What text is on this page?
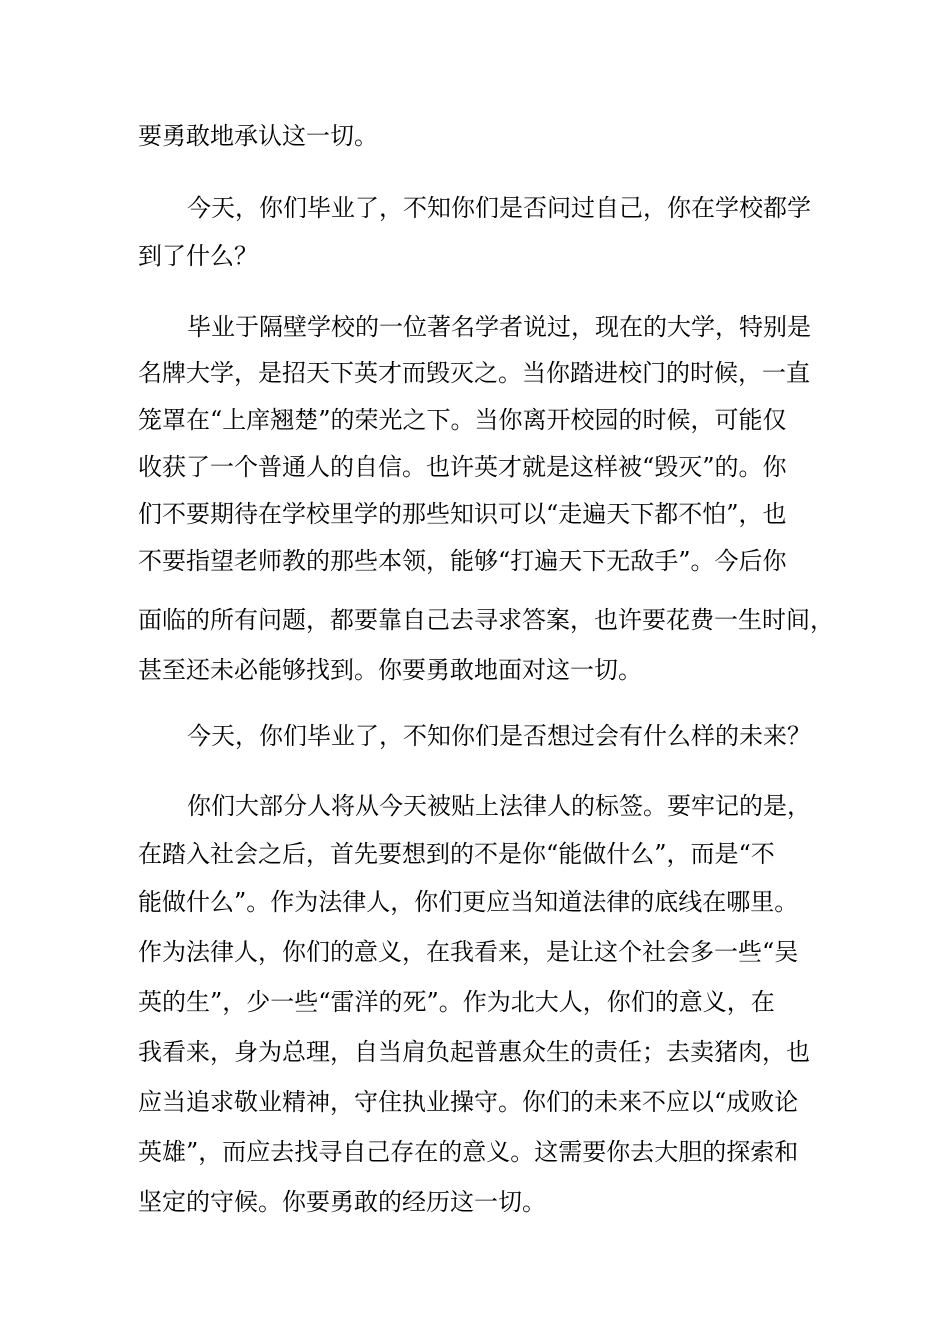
要勇敢地承认这一切。
今天，你们毕业了，不知你们是否问过自己，你在学校都学
到了什么？
毕业于隔壁学校的一位著名学者说过，现在的大学，特别是
名牌大学，是招天下英才而毁灭之。当你踏进校门的时候，一直
笼罩在“上庠翘楚”的荣光之下。当你离开校园的时候，可能仅
收获了一个普通人的自信。也许英才就是这样被“毁灭”的。你
们不要期待在学校里学的那些知识可以“走遍天下都不怕”，也
不要指望老师教的那些本领，能够“打遍天下无敌手”。今后你
面临的所有问题，都要靠自己去寻求答案，也许要花费一生时间，
甚至还未必能够找到。你要勇敢地面对这一切。
今天，你们毕业了，不知你们是否想过会有什么样的未来？
你们大部分人将从今天被贴上法律人的标签。要牢记的是，
在踏入社会之后，首先要想到的不是你“能做什么”，而是“不
能做什么”。作为法律人，你们更应当知道法律的底线在哪里。
作为法律人，你们的意义，在我看来，是让这个社会多一些“吴
英的生”，少一些“雷洋的死”。作为北大人，你们的意义，在
我看来，身为总理，自当肩负起普惠众生的责任；去卖猪肉，也
应当追求敬业精神，守住执业操守。你们的未来不应以“成败论
英雄”，而应去找寻自己存在的意义。这需要你去大胆的探索和
坚定的守候。你要勇敢的经历这一切。
